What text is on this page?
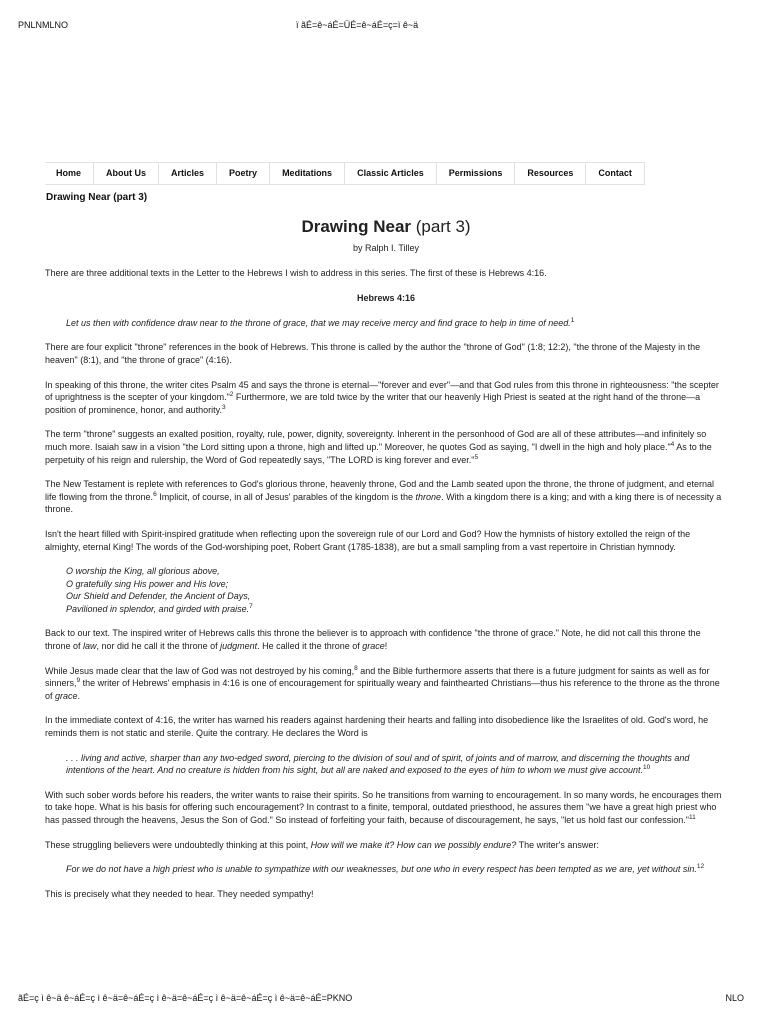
PNLNMLNO	ï ãÉ=ê~áÉ=ÜÉ=ê~áÉ=ç=ì ê~ä
Home	About Us	Articles	Poetry	Meditations	Classic Articles	Permissions	Resources	Contact
Drawing Near (part 3)
Drawing Near (part 3)
by Ralph I. Tilley

There are three additional texts in the Letter to the Hebrews I wish to address in this series. The first of these is Hebrews 4:16.

Hebrews 4:16

Let us then with confidence draw near to the throne of grace, that we may receive mercy and find grace to help in time of need.$^1$

There are four explicit "throne" references in the book of Hebrews. This throne is called by the author the "throne of God" (1:8; 12:2), "the throne of the Majesty in the heaven" (8:1), and "the throne of grace" (4:16).

In speaking of this throne, the writer cites Psalm 45 and says the throne is eternal—"forever and ever"—and that God rules from this throne in righteousness: "the scepter of uprightness is the scepter of your kingdom."$^2$ Furthermore, we are told twice by the writer that our heavenly High Priest is seated at the right hand of the throne—a position of prominence, honor, and authority.$^3$

The term "throne" suggests an exalted position, royalty, rule, power, dignity, sovereignty. Inherent in the personhood of God are all of these attributes—and infinitely so much more. Isaiah saw in a vision "the Lord sitting upon a throne, high and lifted up." Moreover, he quotes God as saying, "I dwell in the high and holy place."$^4$ As to the perpetuity of his reign and rulership, the Word of God repeatedly says, "The LORD is king forever and ever."$^5$

The New Testament is replete with references to God's glorious throne, heavenly throne, God and the Lamb seated upon the throne, the throne of judgment, and eternal life flowing from the throne.$^6$ Implicit, of course, in all of Jesus' parables of the kingdom is the throne. With a kingdom there is a king; and with a king there is of necessity a throne.

Isn't the heart filled with Spirit-inspired gratitude when reflecting upon the sovereign rule of our Lord and God? How the hymnists of history extolled the reign of the almighty, eternal King! The words of the God-worshiping poet, Robert Grant (1785-1838), are but a small sampling from a vast repertoire in Christian hymnody.

O worship the King, all glorious above,
O gratefully sing His power and His love;
Our Shield and Defender, the Ancient of Days,
Pavilioned in splendor, and girded with praise.$^7$

Back to our text. The inspired writer of Hebrews calls this throne the believer is to approach with confidence "the throne of grace." Note, he did not call this throne the throne of law, nor did he call it the throne of judgment. He called it the throne of grace!

While Jesus made clear that the law of God was not destroyed by his coming,$^8$ and the Bible furthermore asserts that there is a future judgment for saints as well as for sinners,$^9$ the writer of Hebrews' emphasis in 4:16 is one of encouragement for spiritually weary and fainthearted Christians—thus his reference to the throne as the throne of grace.

In the immediate context of 4:16, the writer has warned his readers against hardening their hearts and falling into disobedience like the Israelites of old. God's word, he reminds them is not static and sterile. Quite the contrary. He declares the Word is

. . . living and active, sharper than any two-edged sword, piercing to the division of soul and of spirit, of joints and of marrow, and discerning the thoughts and intentions of the heart. And no creature is hidden from his sight, but all are naked and exposed to the eyes of him to whom we must give account.$^{10}$

With such sober words before his readers, the writer wants to raise their spirits. So he transitions from warning to encouragement. In so many words, he encourages them to take hope. What is his basis for offering such encouragement? In contrast to a finite, temporal, outdated priesthood, he assures them "we have a great high priest who has passed through the heavens, Jesus the Son of God." So instead of forfeiting your faith, because of discouragement, he says, "let us hold fast our confession."$^{11}$

These struggling believers were undoubtedly thinking at this point, How will we make it? How can we possibly endure? The writer's answer:

For we do not have a high priest who is unable to sympathize with our weaknesses, but one who in every respect has been tempted as we are, yet without sin.$^{12}$

This is precisely what they needed to hear. They needed sympathy!

ãÉ=ç ì ê~ä ê~áÉ=ç ì ê~ä=ê~áÉ=ç ì ê~ä=ê~áÉ=ç ì ê~ä=ê~áÉ=ç ì ê~ä=ê~áÉ=PKNO	NLO
